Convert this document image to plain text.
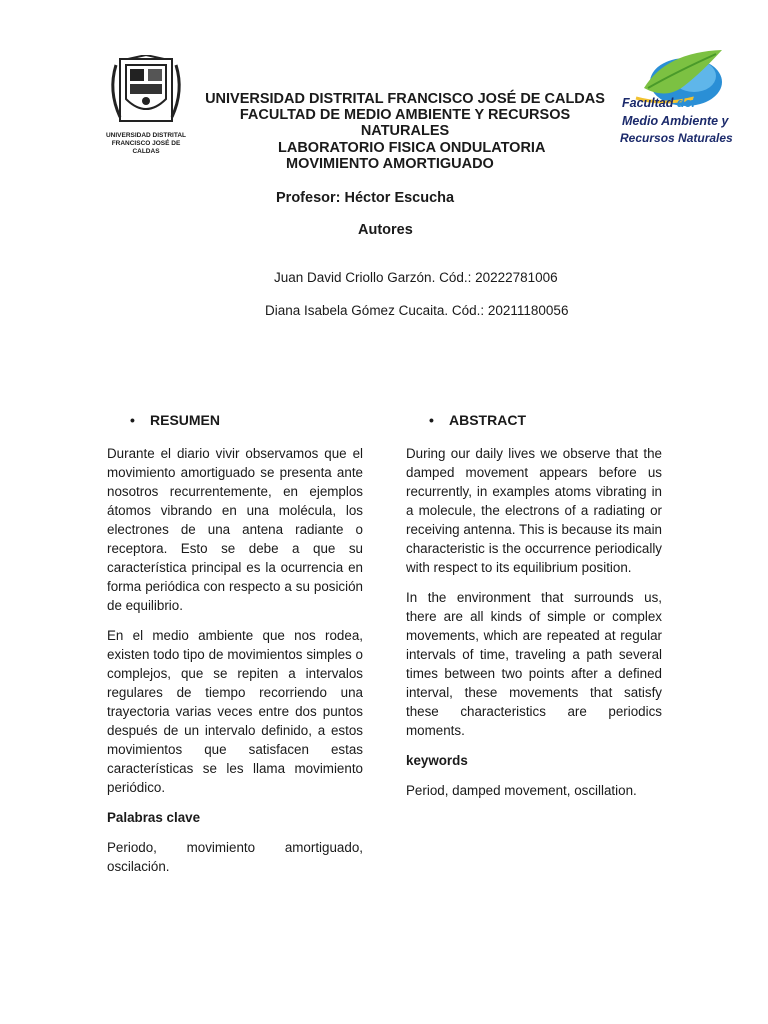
UNIVERSIDAD DISTRITAL
FRANCISCO JOSÉ DE CALDAS
Facultad del
Medio Ambiente y
Recursos Naturales
UNIVERSIDAD DISTRITAL FRANCISCO JOSÉ DE CALDAS
FACULTAD DE MEDIO AMBIENTE Y RECURSOS
NATURALES
LABORATORIO FISICA ONDULATORIA
MOVIMIENTO AMORTIGUADO
Profesor: Héctor Escucha
Autores
Juan David Criollo Garzón. Cód.: 20222781006
Diana Isabela Gómez Cucaita. Cód.: 20211180056
• RESUMEN	• ABSTRACT

Durante el diario vivir observamos que el movimiento amortiguado se presenta ante nosotros recurrentemente, en ejemplos átomos vibrando en una molécula, los electrones de una antena radiante o receptora. Esto se debe a que su característica principal es la ocurrencia en forma periódica con respecto a su posición de equilibrio.

En el medio ambiente que nos rodea, existen todo tipo de movimientos simples o complejos, que se repiten a intervalos regulares de tiempo recorriendo una trayectoria varias veces entre dos puntos después de un intervalo definido, a estos movimientos que satisfacen estas características se les llama movimiento periódico.

Palabras clave

Periodo, movimiento amortiguado, oscilación.

During our daily lives we observe that the damped movement appears before us recurrently, in examples atoms vibrating in a molecule, the electrons of a radiating or receiving antenna. This is because its main characteristic is the occurrence periodically with respect to its equilibrium position.

In the environment that surrounds us, there are all kinds of simple or complex movements, which are repeated at regular intervals of time, traveling a path several times between two points after a defined interval, these movements that satisfy these characteristics are periodics moments.

keywords

Period, damped movement, oscillation.
